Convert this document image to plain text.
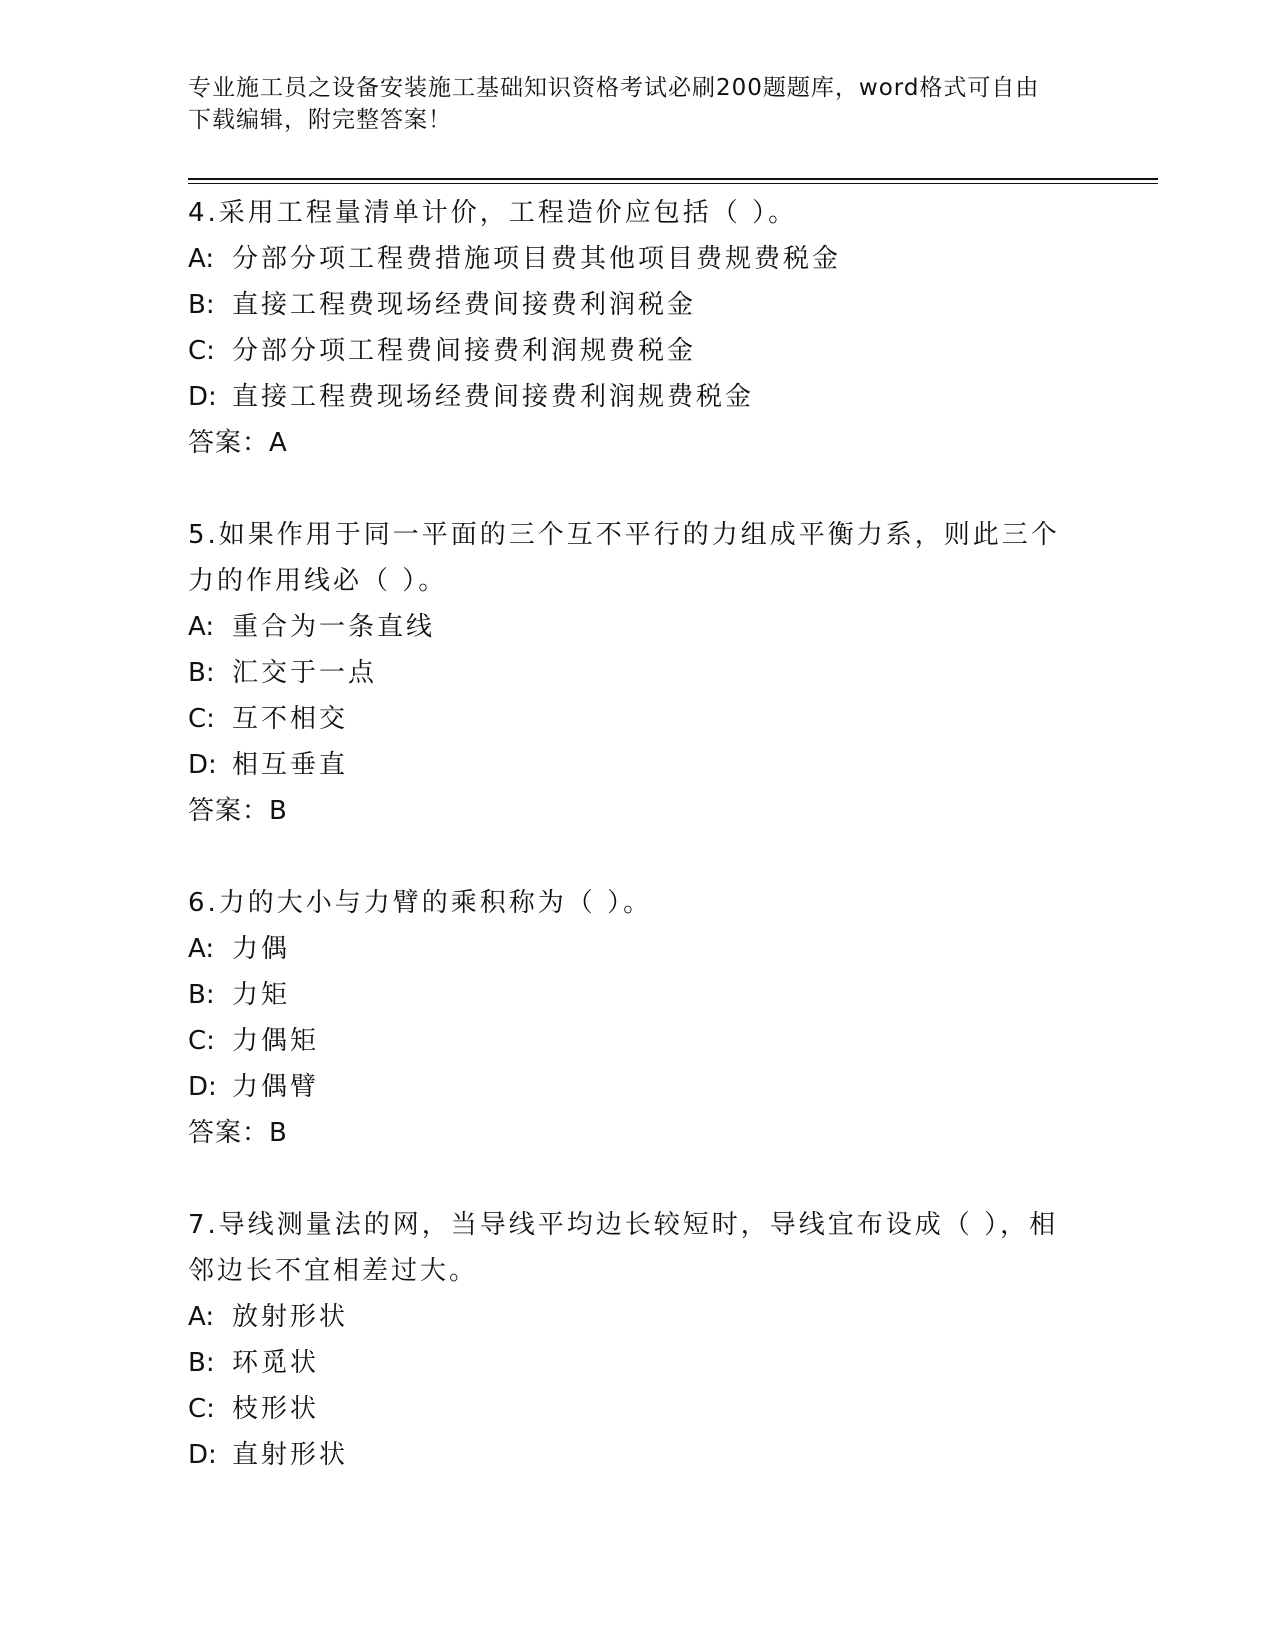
专业施工员之设备安装施工基础知识资格考试必刷200题题库，word格式可自由
下载编辑，附完整答案！
4.采用工程量清单计价，工程造价应包括（ ）。
A: 分部分项工程费措施项目费其他项目费规费税金
B: 直接工程费现场经费间接费利润税金
C: 分部分项工程费间接费利润规费税金
D: 直接工程费现场经费间接费利润规费税金
答案：A
5.如果作用于同一平面的三个互不平行的力组成平衡力系，则此三个
力的作用线必（ ）。
A: 重合为一条直线
B: 汇交于一点
C: 互不相交
D: 相互垂直
答案：B
6.力的大小与力臂的乘积称为（ ）。
A: 力偶
B: 力矩
C: 力偶矩
D: 力偶臂
答案：B
7.导线测量法的网，当导线平均边长较短时，导线宜布设成（ ），相
邻边长不宜相差过大。
A: 放射形状
B: 环觅状
C: 枝形状
D: 直射形状
